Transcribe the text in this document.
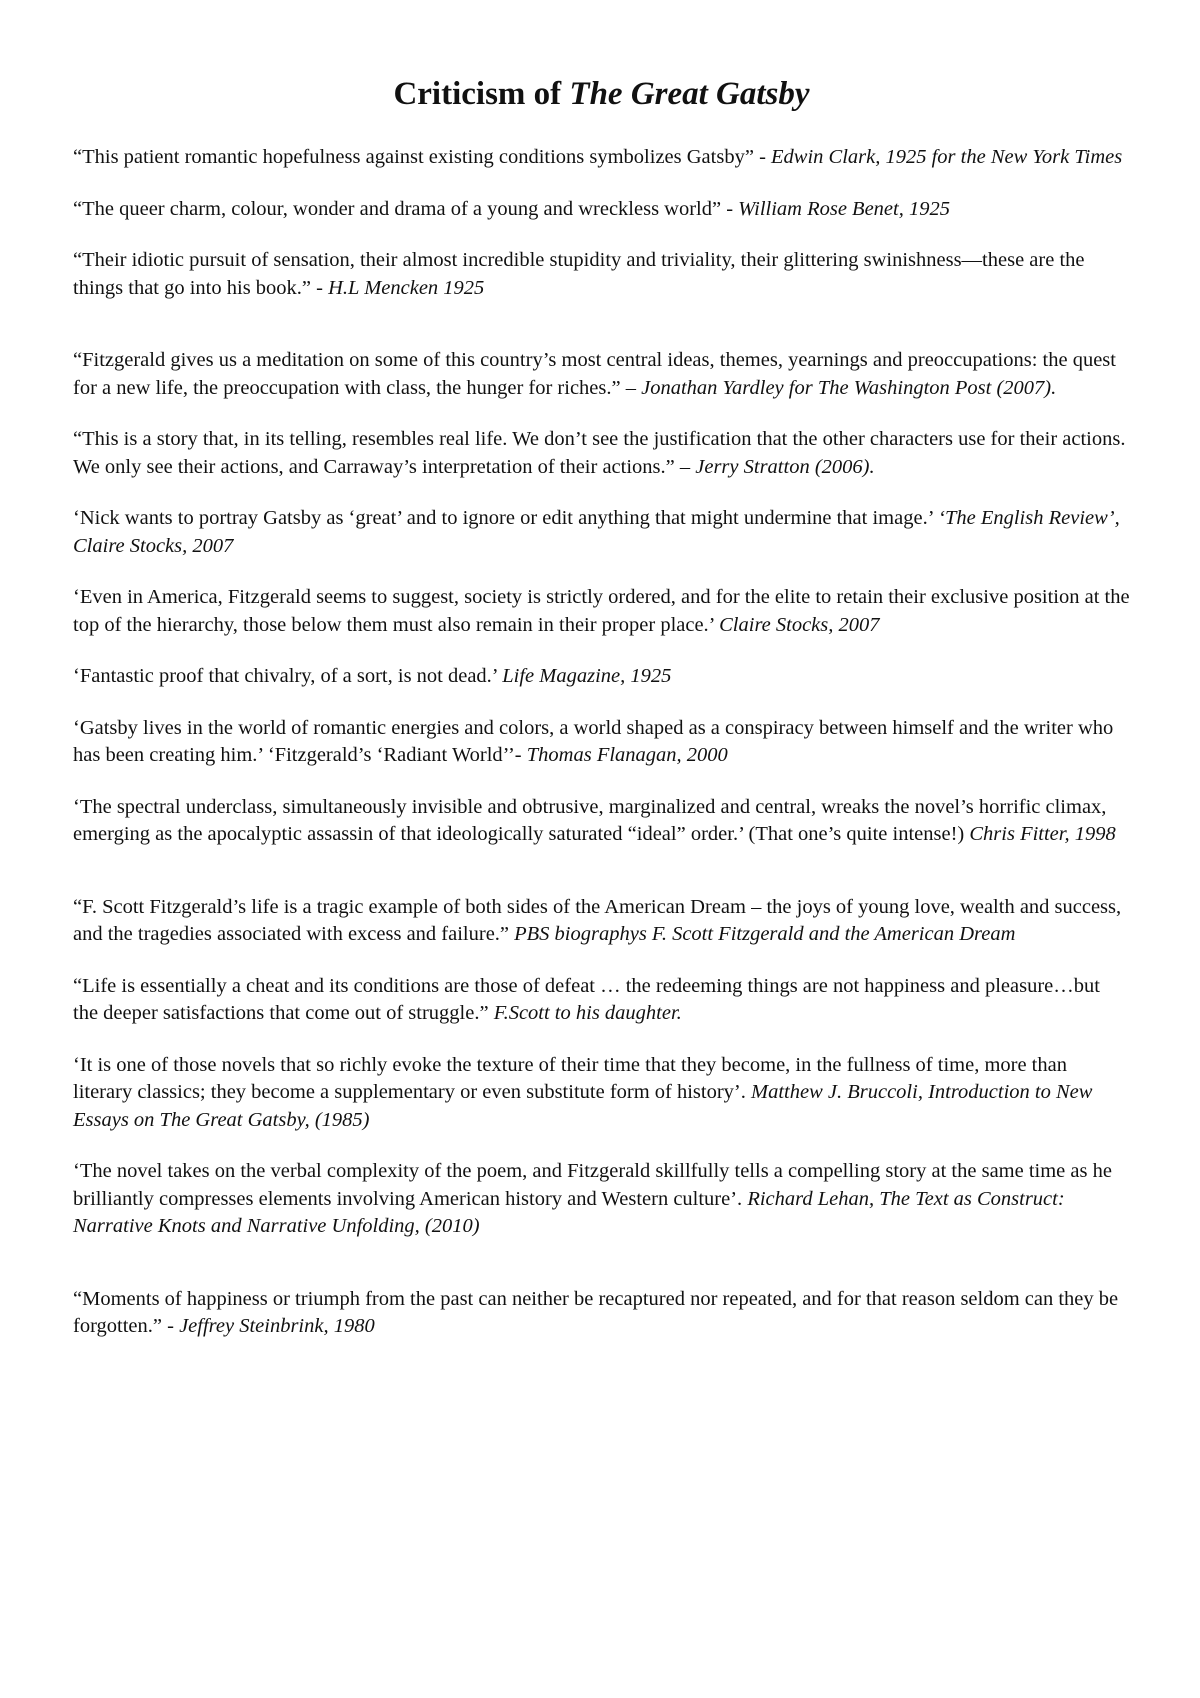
Criticism of The Great Gatsby

“This patient romantic hopefulness against existing conditions symbolizes Gatsby” - Edwin Clark, 1925 for the New York Times

“The queer charm, colour, wonder and drama of a young and wreckless world” - William Rose Benet, 1925

“Their idiotic pursuit of sensation, their almost incredible stupidity and triviality, their glittering swinishness—these are the things that go into his book.” - H.L Mencken 1925

“Fitzgerald gives us a meditation on some of this country’s most central ideas, themes, yearnings and preoccupations: the quest for a new life, the preoccupation with class, the hunger for riches.” – Jonathan Yardley for The Washington Post (2007).

“This is a story that, in its telling, resembles real life. We don’t see the justification that the other characters use for their actions. We only see their actions, and Carraway’s interpretation of their actions.” – Jerry Stratton (2006).

‘Nick wants to portray Gatsby as ‘great’ and to ignore or edit anything that might undermine that image.’ ‘The English Review’, Claire Stocks, 2007

‘Even in America, Fitzgerald seems to suggest, society is strictly ordered, and for the elite to retain their exclusive position at the top of the hierarchy, those below them must also remain in their proper place.’ Claire Stocks, 2007

‘Fantastic proof that chivalry, of a sort, is not dead.’ Life Magazine, 1925

‘Gatsby lives in the world of romantic energies and colors, a world shaped as a conspiracy between himself and the writer who has been creating him.’ ‘Fitzgerald’s ‘Radiant World’’- Thomas Flanagan, 2000

‘The spectral underclass, simultaneously invisible and obtrusive, marginalized and central, wreaks the novel’s horrific climax, emerging as the apocalyptic assassin of that ideologically saturated “ideal” order.’ (That one’s quite intense!) Chris Fitter, 1998

“F. Scott Fitzgerald’s life is a tragic example of both sides of the American Dream – the joys of young love, wealth and success, and the tragedies associated with excess and failure.” PBS biographys F. Scott Fitzgerald and the American Dream

“Life is essentially a cheat and its conditions are those of defeat … the redeeming things are not happiness and pleasure…but the deeper satisfactions that come out of struggle.” F.Scott to his daughter.

‘It is one of those novels that so richly evoke the texture of their time that they become, in the fullness of time, more than literary classics; they become a supplementary or even substitute form of history’. Matthew J. Bruccoli, Introduction to New Essays on The Great Gatsby, (1985)

‘The novel takes on the verbal complexity of the poem, and Fitzgerald skillfully tells a compelling story at the same time as he brilliantly compresses elements involving American history and Western culture’. Richard Lehan, The Text as Construct: Narrative Knots and Narrative Unfolding, (2010)

“Moments of happiness or triumph from the past can neither be recaptured nor repeated, and for that reason seldom can they be forgotten.” - Jeffrey Steinbrink, 1980
